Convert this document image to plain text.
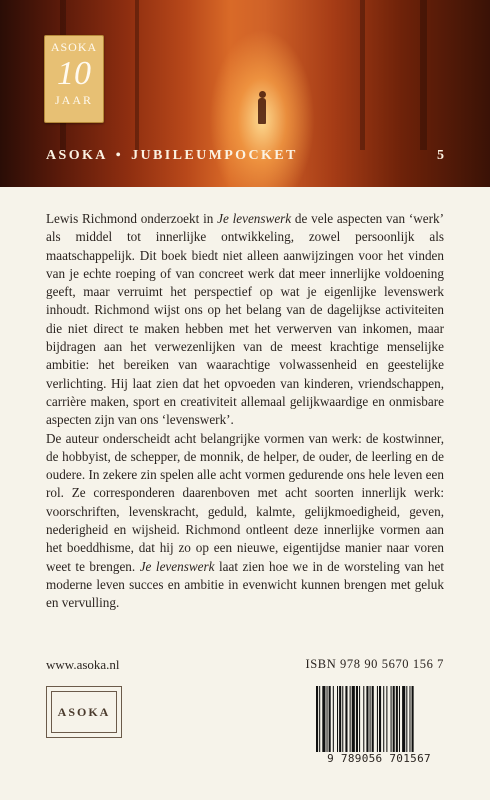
ASOKA
10
JAAR
ASOKA • JUBILEUMPOCKET	5

Lewis Richmond onderzoekt in Je levenswerk de vele aspecten van ‘werk’ als middel tot innerlijke ontwikkeling, zowel persoonlijk als maatschappelijk. Dit boek biedt niet alleen aanwijzingen voor het vinden van je echte roeping of van concreet werk dat meer innerlijke voldoening geeft, maar verruimt het perspectief op wat je eigenlijke levenswerk inhoudt. Richmond wijst ons op het belang van de dagelijkse activiteiten die niet direct te maken hebben met het verwerven van inkomen, maar bijdragen aan het verwezenlijken van de meest krachtige menselijke ambitie: het bereiken van waarachtige volwassenheid en geestelijke verlichting. Hij laat zien dat het opvoeden van kinderen, vriendschappen, carrière maken, sport en creativiteit allemaal gelijkwaardige en onmisbare aspecten zijn van ons ‘levenswerk’.

De auteur onderscheidt acht belangrijke vormen van werk: de kostwinner, de hobbyist, de schepper, de monnik, de helper, de ouder, de leerling en de oudere. In zekere zin spelen alle acht vormen gedurende ons hele leven een rol. Ze corresponderen daarenboven met acht soorten innerlijk werk: voorschriften, levenskracht, geduld, kalmte, gelijkmoedigheid, geven, nederigheid en wijsheid. Richmond ontleent deze innerlijke vormen aan het boeddhisme, dat hij zo op een nieuwe, eigentijdse manier naar voren weet te brengen. Je levenswerk laat zien hoe we in de worsteling van het moderne leven succes en ambitie in evenwicht kunnen brengen met geluk en vervulling.

www.asoka.nl	ISBN 978 90 5670 156 7
ASOKA
9 789056 701567
